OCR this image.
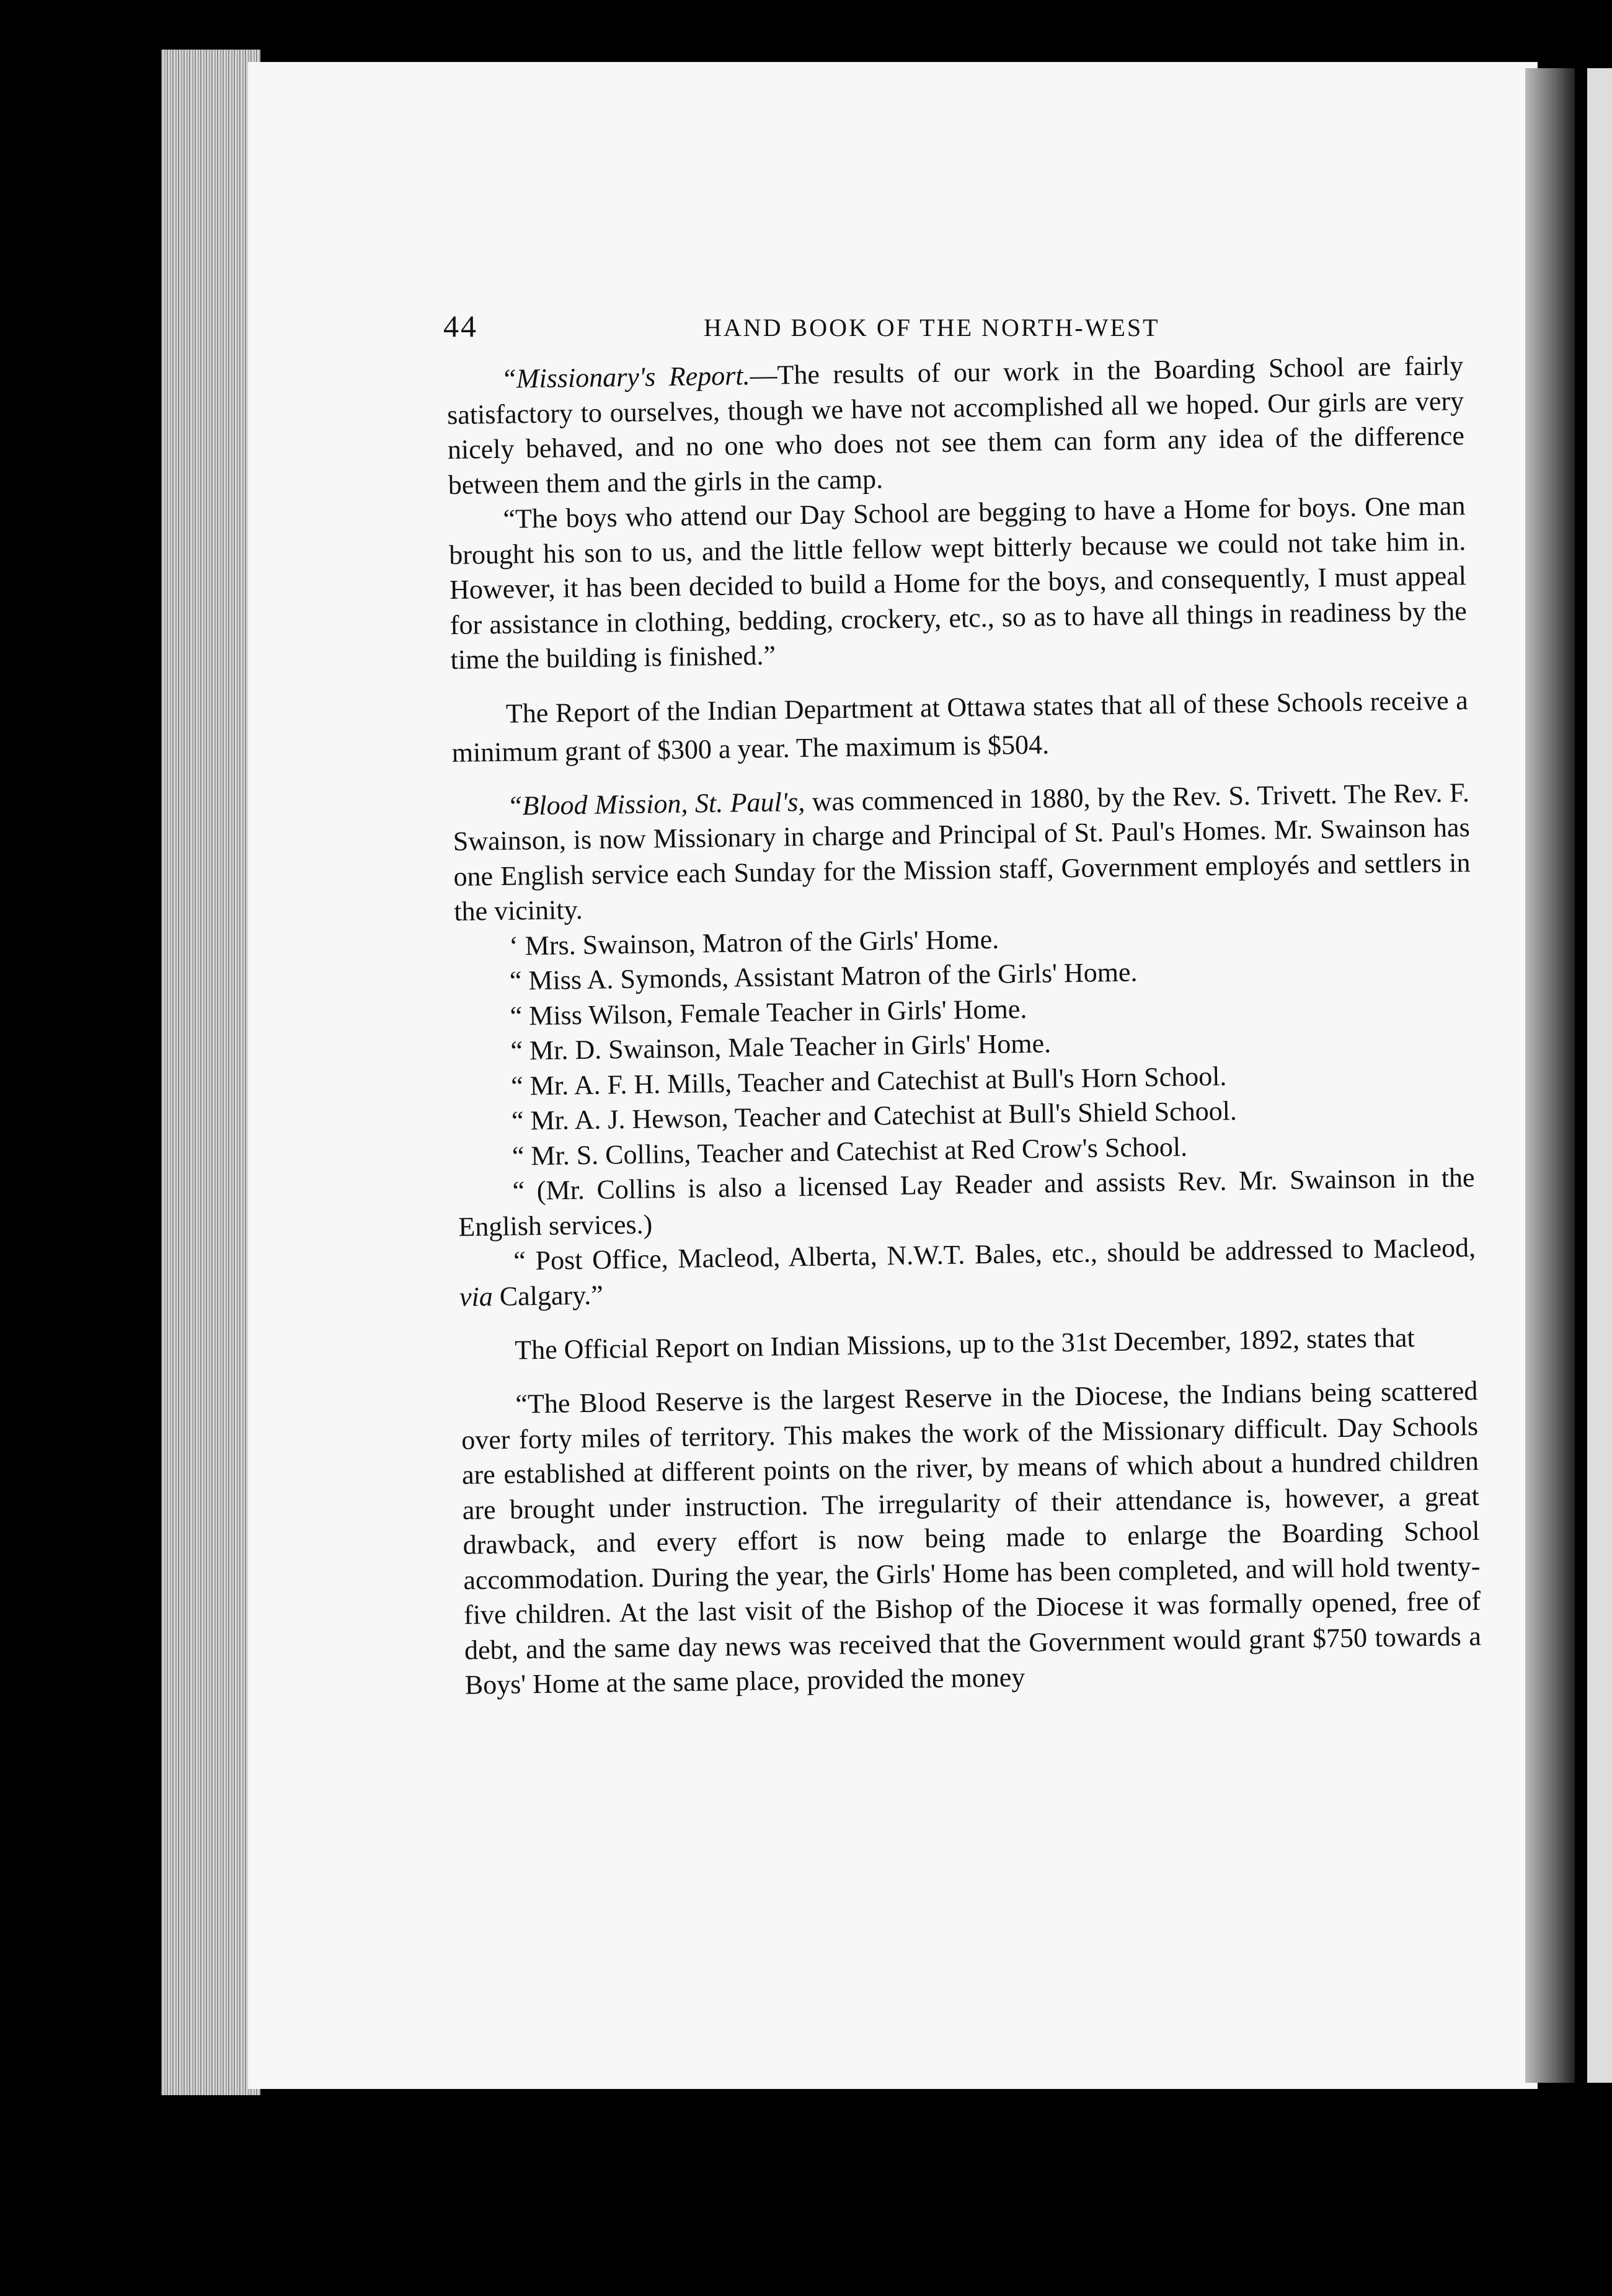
44	HAND BOOK OF THE NORTH-WEST

“Missionary's Report.—The results of our work in the Boarding School are fairly satisfactory to ourselves, though we have not accomplished all we hoped. Our girls are very nicely behaved, and no one who does not see them can form any idea of the difference between them and the girls in the camp.

“The boys who attend our Day School are begging to have a Home for boys. One man brought his son to us, and the little fellow wept bitterly because we could not take him in. However, it has been decided to build a Home for the boys, and consequently, I must appeal for assistance in clothing, bedding, crockery, etc., so as to have all things in readiness by the time the building is finished.”

The Report of the Indian Department at Ottawa states that all of these Schools receive a minimum grant of $300 a year. The maximum is $504.

“Blood Mission, St. Paul's, was commenced in 1880, by the Rev. S. Trivett. The Rev. F. Swainson, is now Missionary in charge and Principal of St. Paul's Homes. Mr. Swainson has one English service each Sunday for the Mission staff, Government employés and settlers in the vicinity.

‘ Mrs. Swainson, Matron of the Girls' Home.

“ Miss A. Symonds, Assistant Matron of the Girls' Home.

“ Miss Wilson, Female Teacher in Girls' Home.

“ Mr. D. Swainson, Male Teacher in Girls' Home.

“ Mr. A. F. H. Mills, Teacher and Catechist at Bull's Horn School.

“ Mr. A. J. Hewson, Teacher and Catechist at Bull's Shield School.

“ Mr. S. Collins, Teacher and Catechist at Red Crow's School.

“ (Mr. Collins is also a licensed Lay Reader and assists Rev. Mr. Swainson in the English services.)

“ Post Office, Macleod, Alberta, N.W.T. Bales, etc., should be addressed to Macleod, via Calgary.”

The Official Report on Indian Missions, up to the 31st December, 1892, states that

“The Blood Reserve is the largest Reserve in the Diocese, the Indians being scattered over forty miles of territory. This makes the work of the Missionary difficult. Day Schools are established at different points on the river, by means of which about a hundred children are brought under instruction. The irregularity of their attendance is, however, a great drawback, and every effort is now being made to enlarge the Boarding School accommodation. During the year, the Girls' Home has been completed, and will hold twenty-five children. At the last visit of the Bishop of the Diocese it was formally opened, free of debt, and the same day news was received that the Government would grant $750 towards a Boys' Home at the same place, provided the money
